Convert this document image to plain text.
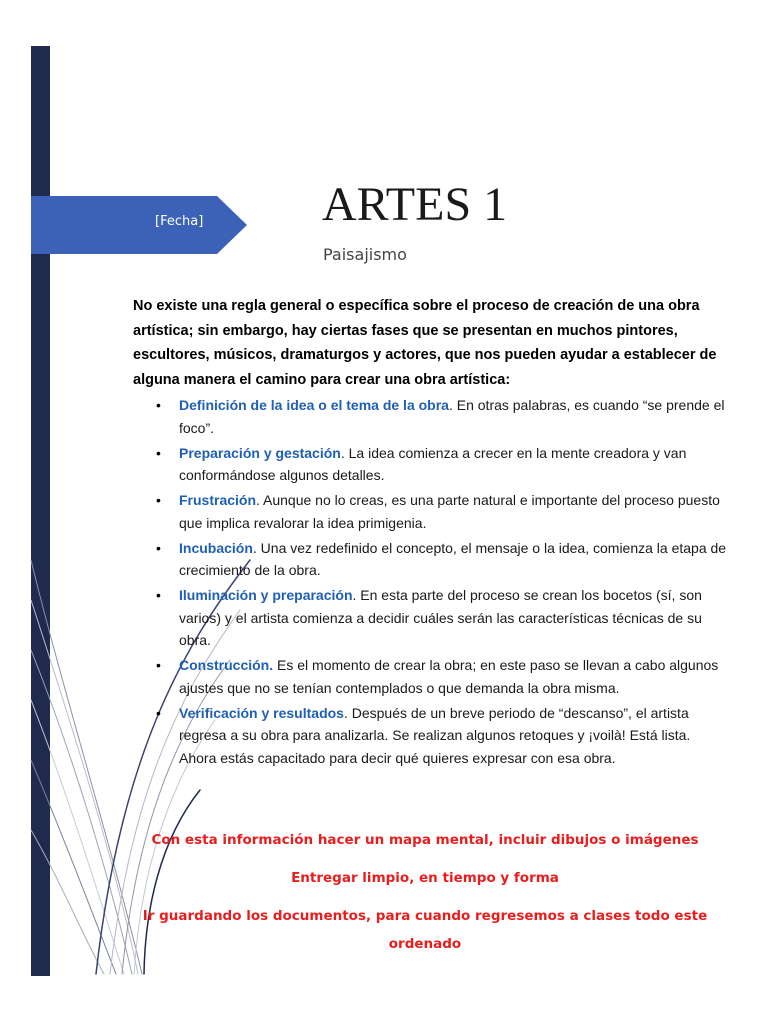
[Fecha]	ARTES 1

Paisajismo

No existe una regla general o específica sobre el proceso de creación de una obra artística; sin embargo, hay ciertas fases que se presentan en muchos pintores, escultores, músicos, dramaturgos y actores, que nos pueden ayudar a establecer de alguna manera el camino para crear una obra artística:

• Definición de la idea o el tema de la obra. En otras palabras, es cuando “se prende el foco”.
• Preparación y gestación. La idea comienza a crecer en la mente creadora y van conformándose algunos detalles.
• Frustración. Aunque no lo creas, es una parte natural e importante del proceso puesto que implica revalorar la idea primigenia.
• Incubación. Una vez redefinido el concepto, el mensaje o la idea, comienza la etapa de crecimiento de la obra.
• Iluminación y preparación. En esta parte del proceso se crean los bocetos (sí, son varios) y el artista comienza a decidir cuáles serán las características técnicas de su obra.
• Construcción. Es el momento de crear la obra; en este paso se llevan a cabo algunos ajustes que no se tenían contemplados o que demanda la obra misma.
• Verificación y resultados. Después de un breve periodo de “descanso”, el artista regresa a su obra para analizarla. Se realizan algunos retoques y ¡voilà! Está lista. Ahora estás capacitado para decir qué quieres expresar con esa obra.

Con esta información hacer un mapa mental, incluir dibujos o imágenes

Entregar limpio, en tiempo y forma

Ir guardando los documentos, para cuando regresemos a clases todo este ordenado
